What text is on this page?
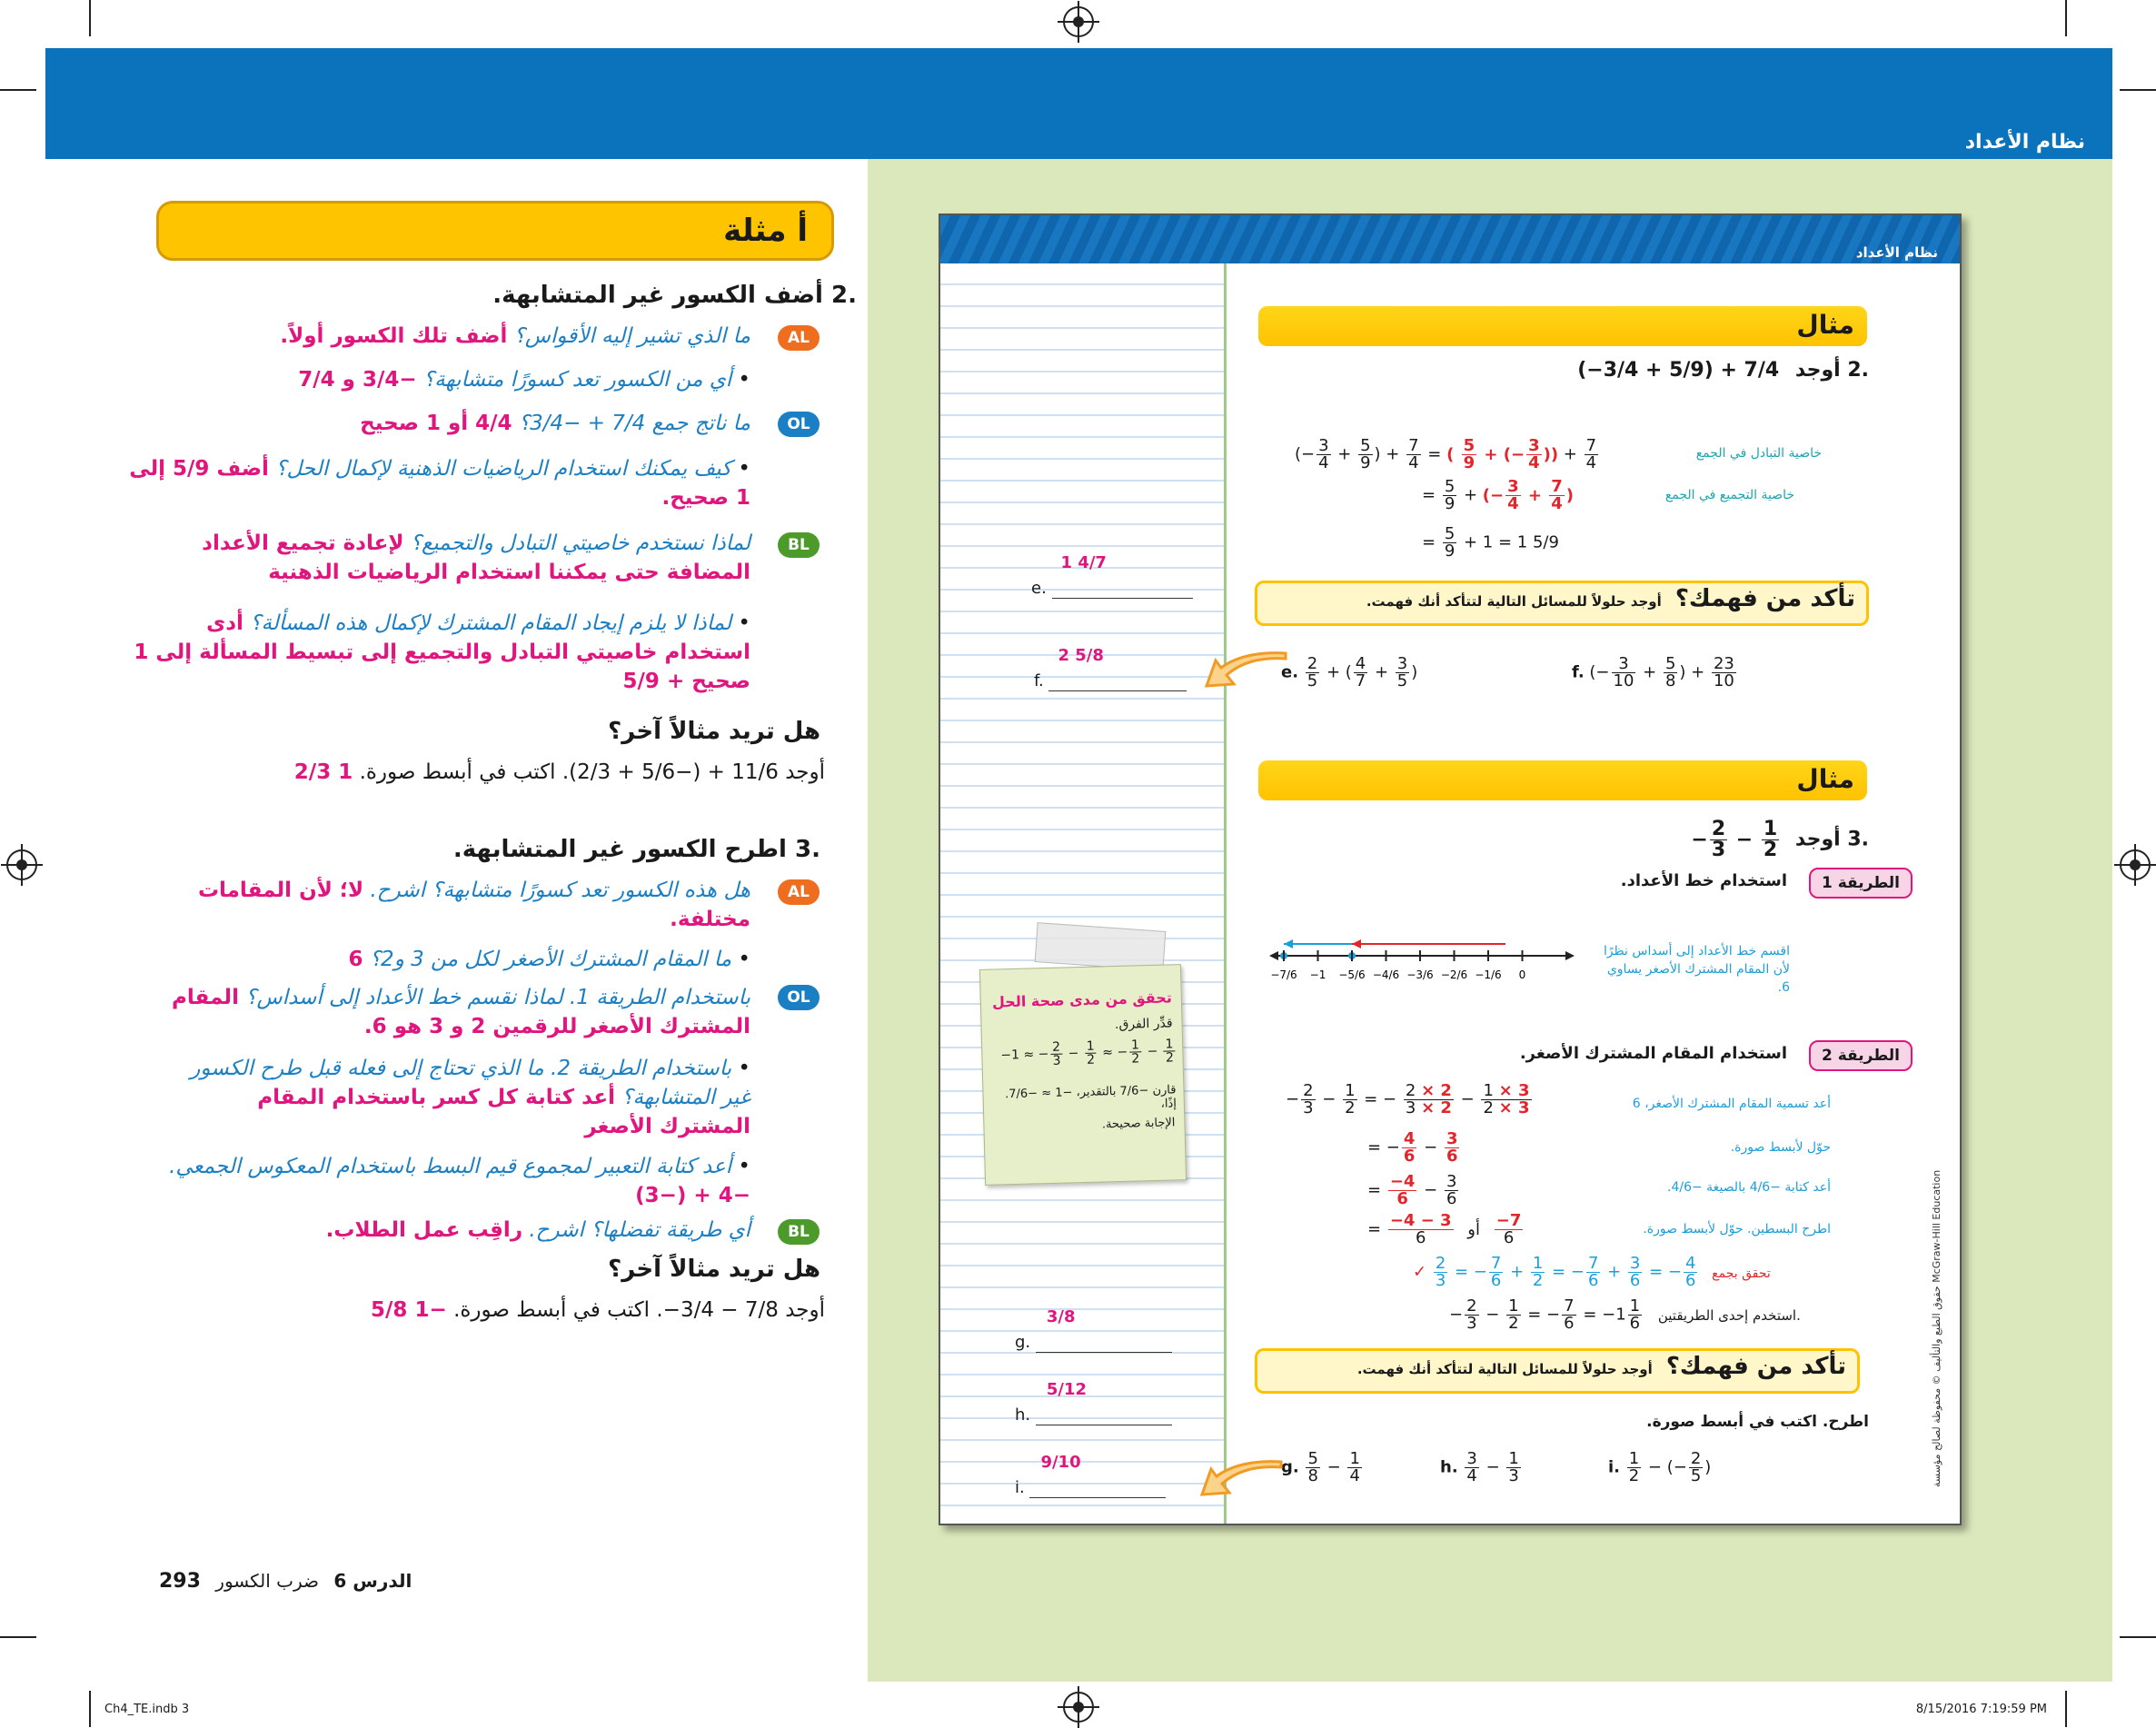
نظام الأعداد
أ مثلة
.2 أضف الكسور غير المتشابهة.
AL
ما الذي تشير إليه الأقواس؟ أضف تلك الكسور أولاً.
• أي من الكسور تعد كسورًا متشابهة؟ −3/4 و 7/4
OL
ما ناتج جمع 7/4 + −3/4؟ 4/4 أو 1 صحيح
• كيف يمكنك استخدام الرياضيات الذهنية لإكمال الحل؟ أضف 5/9 إلى 1 صحيح.
BL
لماذا نستخدم خاصيتي التبادل والتجميع؟ لإعادة تجميع الأعداد المضافة حتى يمكننا استخدام الرياضيات الذهنية
• لماذا لا يلزم إيجاد المقام المشترك لإكمال هذه المسألة؟ أدى استخدام خاصيتي التبادل والتجميع إلى تبسيط المسألة إلى 1 صحيح + 5/9
هل تريد مثالاً آخر؟
أوجد 11/6 + (−5/6 + 2/3). اكتب في أبسط صورة. 1 2/3
.3 اطرح الكسور غير المتشابهة.
AL
هل هذه الكسور تعد كسورًا متشابهة؟ اشرح. لا؛ لأن المقامات مختلفة.
• ما المقام المشترك الأصغر لكل من 3 و2؟ 6
OL
باستخدام الطريقة 1. لماذا نقسم خط الأعداد إلى أسداس؟ المقام المشترك الأصغر للرقمين 2 و 3 هو 6.
• باستخدام الطريقة 2. ما الذي تحتاج إلى فعله قبل طرح الكسور غير المتشابهة؟ أعد كتابة كل كسر باستخدام المقام المشترك الأصغر
• أعد كتابة التعبير لمجموع قيم البسط باستخدام المعكوس الجمعي. −4 + (−3)
BL
أي طريقة تفضلها؟ اشرح. راقِب عمل الطلاب.
هل تريد مثالاً آخر؟
أوجد 7/8 − 3/4−. اكتب في أبسط صورة. −1 5/8
الدرس 6 ضرب الكسور 293
نظام الأعداد
مثال
.2 أوجد (−3/4 + 5/9) + 7/4
(− $\frac{3}{4} + \frac{5}{9}$ ) + $\frac{7}{4}$ = ( $\frac{5}{9}$ + (− $\frac{3}{4}$ )) + $\frac{7}{4}$	خاصية التبادل في الجمع
= $\frac{5}{9}$ + (− $\frac{3}{4} + \frac{7}{4}$ )	خاصية التجميع في الجمع
= $\frac{5}{9} + 1 = 1$ 5/9
تأكد من فهمك؟ أوجد حلولاً للمسائل التالية لتتأكد أنك فهمت.
e. $\frac{2}{5}$ + ( $\frac{4}{7} + \frac{3}{5}$ )	f. (− $\frac{3}{10} + \frac{5}{8}$ ) + $\frac{23}{10}$
مثال
.3 أوجد − $\frac{2}{3} - \frac{1}{2}$
الطريقة 1
استخدام خط الأعداد.
اقسم خط الأعداد إلى أسداس نظرًا لأن المقام المشترك الأصغر يساوي 6.
−7/6 −1 −5/6 −4/6 −3/6 −2/6 −1/6 0
الطريقة 2
استخدام المقام المشترك الأصغر.
− $\frac{2}{3} - \frac{1}{2}$ = − $\frac{2 \times 2}{3 \times 2} - \frac{1 \times 3}{2 \times 3}$	أعد تسمية المقام المشترك الأصغر، 6
= − $\frac{4}{6} - \frac{3}{6}$	حوّل لأبسط صورة.
= $\frac{-4}{6} - \frac{3}{6}$	أعد كتابة −4/6 بالصيغة −4/6.
= $\frac{-4 - 3}{6}$ أو $\frac{-7}{6}$	اطرح البسطين. حوّل لأبسط صورة.
✓ $\frac{2}{3}$ = − $\frac{7}{6} + \frac{1}{2}$ = − $\frac{7}{6} + \frac{3}{6}$ = − $\frac{4}{6}$ تحقق بجمع
− $\frac{2}{3} - \frac{1}{2}$ = − $\frac{7}{6} = -1 \frac{1}{6}$ استخدم إحدى الطريقتين.
تأكد من فهمك؟ أوجد حلولاً للمسائل التالية لتتأكد أنك فهمت.
اطرح. اكتب في أبسط صورة.
g. $\frac{5}{8} - \frac{1}{4}$	h. $\frac{3}{4} - \frac{1}{3}$	i. $\frac{1}{2}$ − (− $\frac{2}{5}$ )
e.
1 4/7

f.
2 5/8

g.
3/8

h.
5/12

i.
9/10
	حقوق الطبع والتأليف © محفوظة لصالح مؤسسة McGraw-Hill Education
تحقق من مدى صحة الحل
قدِّر الفرق.
−1 ≈ − $\frac{2}{3} - \frac{1}{2}$ ≈ − $\frac{1}{2} - \frac{1}{2}$
قارن −7/6 بالتقدير، −1 ≈ −7/6. إذًا،
الإجابة صحيحة.
Ch4_TE.indb 3	8/15/2016 7:19:59 PM
